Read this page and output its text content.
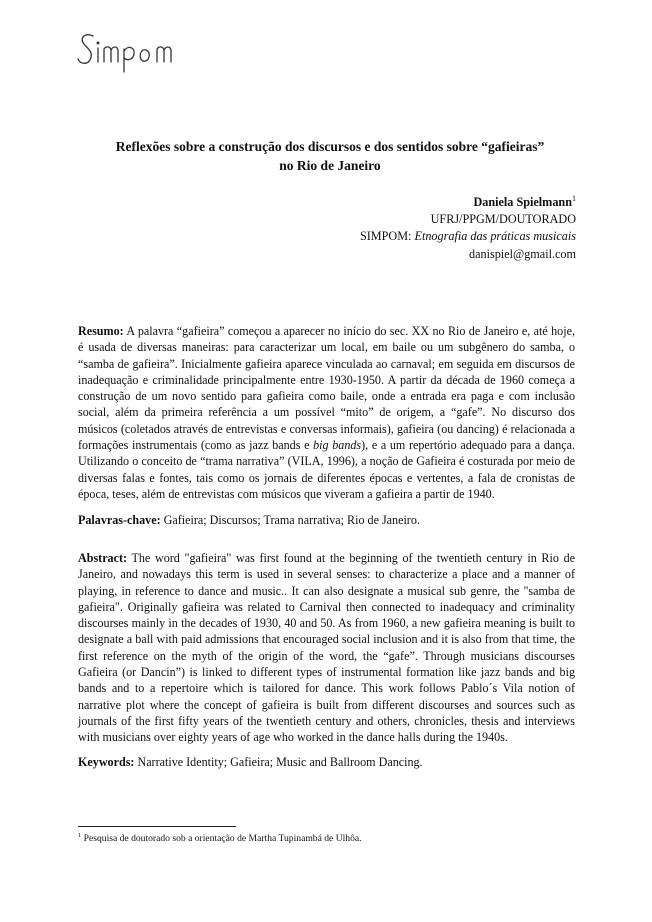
Reflexões sobre a construção dos discursos e dos sentidos sobre “gafieiras”
no Rio de Janeiro
Daniela Spielmann$^1$
UFRJ/PPGM/DOUTORADO
SIMPOM: Etnografia das práticas musicais
danispiel@gmail.com

Resumo: A palavra “gafieira” começou a aparecer no início do sec. XX no Rio de Janeiro e, até hoje, é usada de diversas maneiras: para caracterizar um local, em baile ou um subgênero do samba, o “samba de gafieira”. Inicialmente gafieira aparece vinculada ao carnaval; em seguida em discursos de inadequação e criminalidade principalmente entre 1930-1950. A partir da década de 1960 começa a construção de um novo sentido para gafieira como baile, onde a entrada era paga e com inclusão social, além da primeira referência a um possível “mito” de origem, a “gafe”. No discurso dos músicos (coletados através de entrevistas e conversas informais), gafieira (ou dancing) é relacionada a formações instrumentais (como as jazz bands e big bands), e a um repertório adequado para a dança. Utilizando o conceito de “trama narrativa” (VILA, 1996), a noção de Gafieira é costurada por meio de diversas falas e fontes, tais como os jornais de diferentes épocas e vertentes, a fala de cronistas de época, teses, além de entrevistas com músicos que viveram a gafieira a partir de 1940.

Palavras-chave: Gafieira; Discursos; Trama narrativa; Rio de Janeiro.

Abstract: The word "gafieira" was first found at the beginning of the twentieth century in Rio de Janeiro, and nowadays this term is used in several senses: to characterize a place and a manner of playing, in reference to dance and music.. It can also designate a musical sub genre, the "samba de gafieira". Originally gafieira was related to Carnival then connected to inadequacy and criminality discourses mainly in the decades of 1930, 40 and 50. As from 1960, a new gafieira meaning is built to designate a ball with paid admissions that encouraged social inclusion and it is also from that time, the first reference on the myth of the origin of the word, the “gafe”. Through musicians discourses Gafieira (or Dancin”) is linked to different types of instrumental formation like jazz bands and big bands and to a repertoire which is tailored for dance. This work follows Pablo´s Vila notion of narrative plot where the concept of gafieira is built from different discourses and sources such as journals of the first fifty years of the twentieth century and others, chronicles, thesis and interviews with musicians over eighty years of age who worked in the dance halls during the 1940s.

Keywords: Narrative Identity; Gafieira; Music and Ballroom Dancing.

$^1$ Pesquisa de doutorado sob a orientação de Martha Tupinambá de Ulhôa.
